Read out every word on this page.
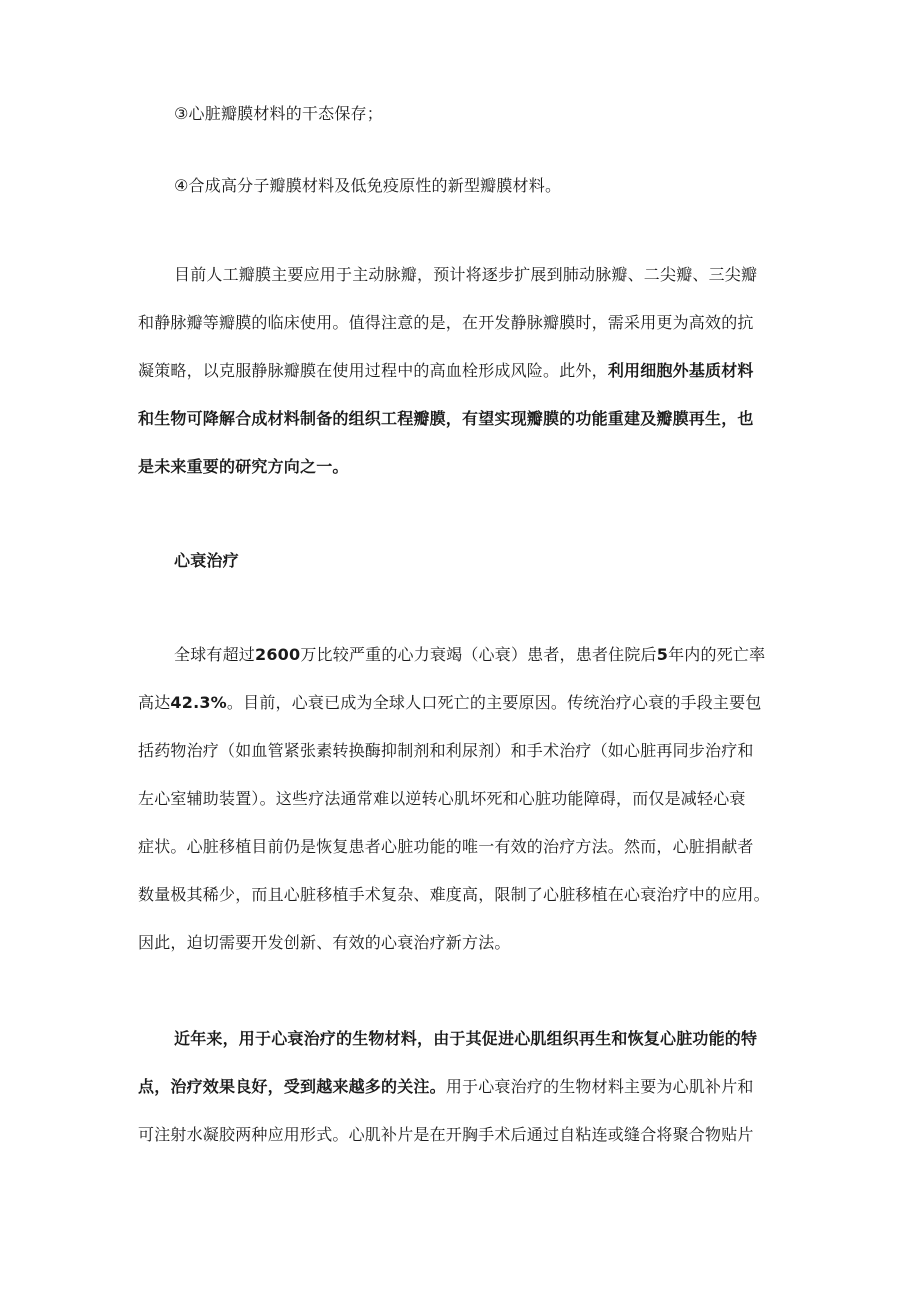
③心脏瓣膜材料的干态保存；
④合成高分子瓣膜材料及低免疫原性的新型瓣膜材料。
目前人工瓣膜主要应用于主动脉瓣，预计将逐步扩展到肺动脉瓣、二尖瓣、三尖瓣
和静脉瓣等瓣膜的临床使用。值得注意的是，在开发静脉瓣膜时，需采用更为高效的抗
凝策略，以克服静脉瓣膜在使用过程中的高血栓形成风险。此外，利用细胞外基质材料
和生物可降解合成材料制备的组织工程瓣膜，有望实现瓣膜的功能重建及瓣膜再生，也
是未来重要的研究方向之一。
心衰治疗
全球有超过2600万比较严重的心力衰竭（心衰）患者，患者住院后5年内的死亡率
高达42.3%。目前，心衰已成为全球人口死亡的主要原因。传统治疗心衰的手段主要包
括药物治疗（如血管紧张素转换酶抑制剂和利尿剂）和手术治疗（如心脏再同步治疗和
左心室辅助装置）。这些疗法通常难以逆转心肌坏死和心脏功能障碍，而仅是减轻心衰
症状。心脏移植目前仍是恢复患者心脏功能的唯一有效的治疗方法。然而，心脏捐献者
数量极其稀少，而且心脏移植手术复杂、难度高，限制了心脏移植在心衰治疗中的应用。
因此，迫切需要开发创新、有效的心衰治疗新方法。
近年来，用于心衰治疗的生物材料，由于其促进心肌组织再生和恢复心脏功能的特
点，治疗效果良好，受到越来越多的关注。用于心衰治疗的生物材料主要为心肌补片和
可注射水凝胶两种应用形式。心肌补片是在开胸手术后通过自粘连或缝合将聚合物贴片
